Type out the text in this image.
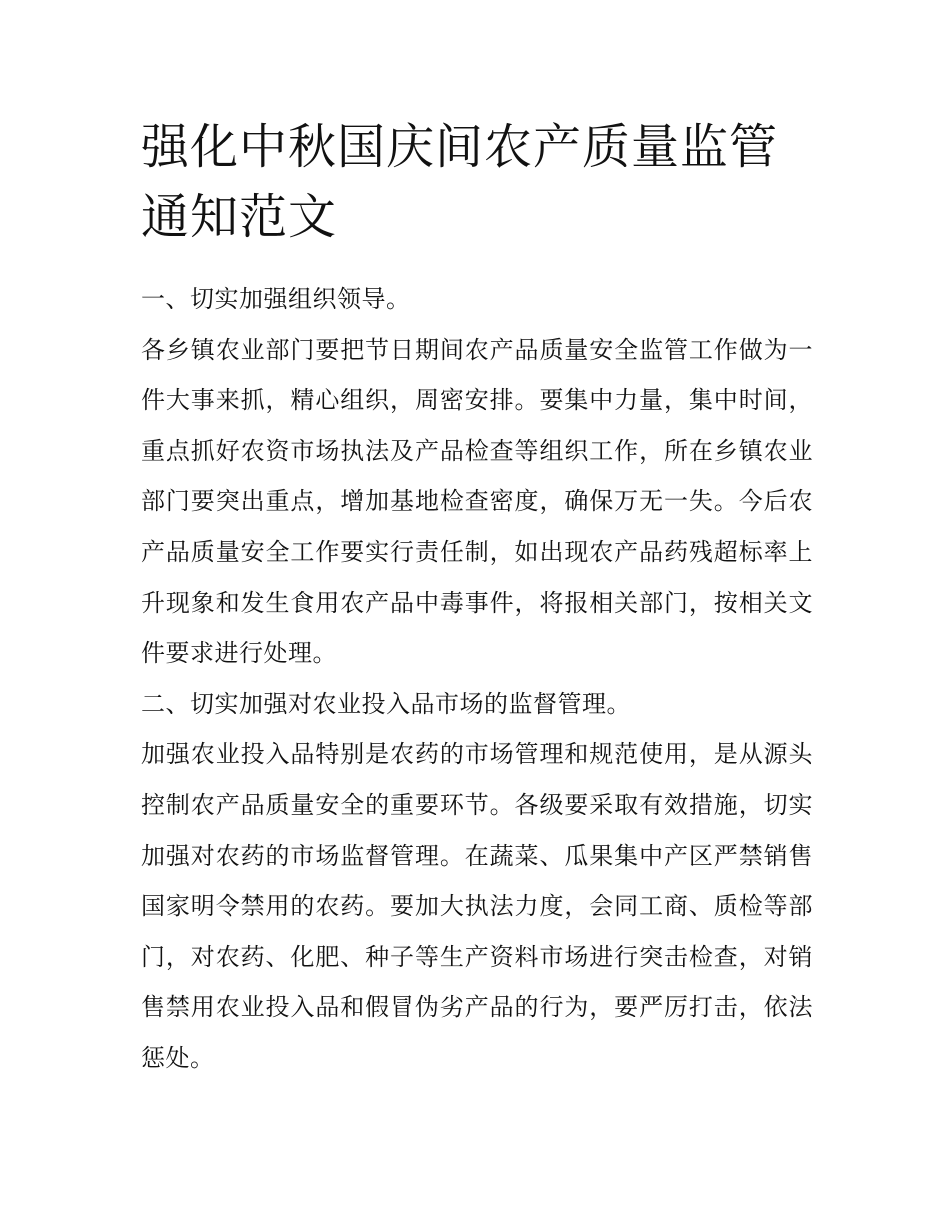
强化中秋国庆间农产质量监管通知范文

一、切实加强组织领导。

各乡镇农业部门要把节日期间农产品质量安全监管工作做为一件大事来抓，精心组织，周密安排。要集中力量，集中时间，重点抓好农资市场执法及产品检查等组织工作，所在乡镇农业部门要突出重点，增加基地检查密度，确保万无一失。今后农产品质量安全工作要实行责任制，如出现农产品药残超标率上升现象和发生食用农产品中毒事件，将报相关部门，按相关文件要求进行处理。

二、切实加强对农业投入品市场的监督管理。

加强农业投入品特别是农药的市场管理和规范使用，是从源头控制农产品质量安全的重要环节。各级要采取有效措施，切实加强对农药的市场监督管理。在蔬菜、瓜果集中产区严禁销售国家明令禁用的农药。要加大执法力度，会同工商、质检等部门，对农药、化肥、种子等生产资料市场进行突击检查，对销售禁用农业投入品和假冒伪劣产品的行为，要严厉打击，依法惩处。
